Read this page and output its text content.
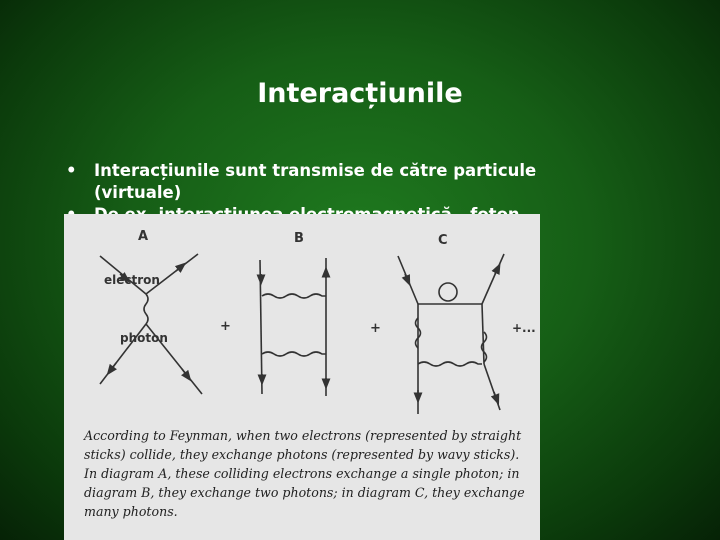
Interacțiunile
• Interacțiunile sunt transmise de către particule (virtuale)
A
electron
photon
+
B
+
C
+...
According to Feynman, when two electrons (represented by straight
sticks) collide, they exchange photons (represented by wavy sticks).
In diagram A, these colliding electrons exchange a single photon; in
diagram B, they exchange two photons; in diagram C, they exchange
many photons.
